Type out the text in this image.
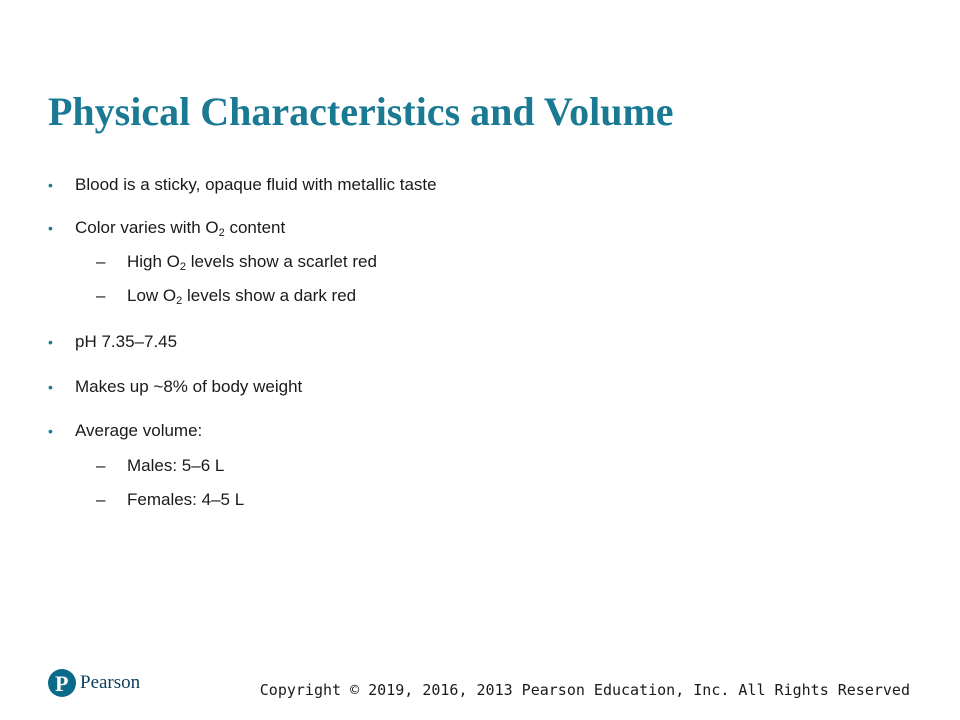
Physical Characteristics and Volume
• Blood is a sticky, opaque fluid with metallic taste
• Color varies with $O_2$ content
– High $O_2$ levels show a scarlet red
– Low $O_2$ levels show a dark red
• pH 7.35–7.45
• Makes up ~8% of body weight
• Average volume:
– Males: 5–6 L
– Females: 4–5 L
P Pearson	Copyright © 2019, 2016, 2013 Pearson Education, Inc. All Rights Reserved
